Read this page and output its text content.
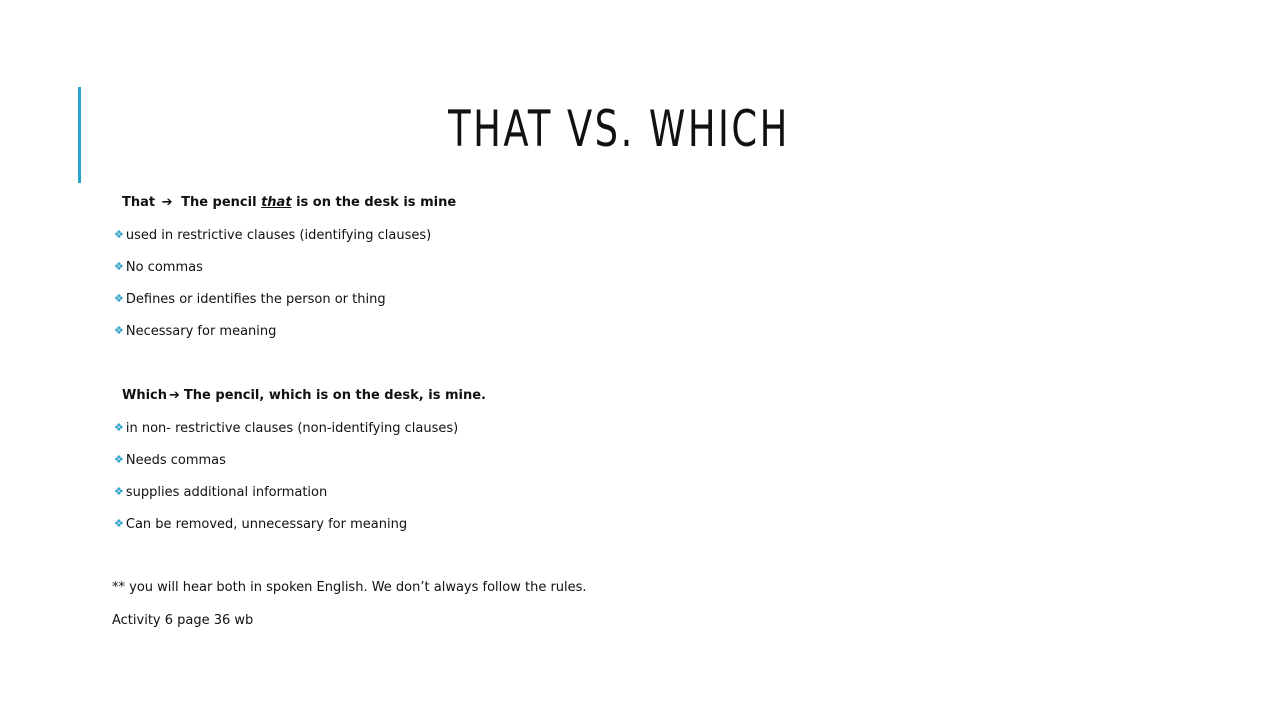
THAT VS. WHICH
That ➔ The pencil that is on the desk is mine
❖ used in restrictive clauses (identifying clauses)
❖ No commas
❖ Defines or identifies the person or thing
❖ Necessary for meaning
Which ➔ The pencil, which is on the desk, is mine.
❖ in non- restrictive clauses (non-identifying clauses)
❖ Needs commas
❖ supplies additional information
❖ Can be removed, unnecessary for meaning
** you will hear both in spoken English. We don’t always follow the rules.
Activity 6 page 36 wb
